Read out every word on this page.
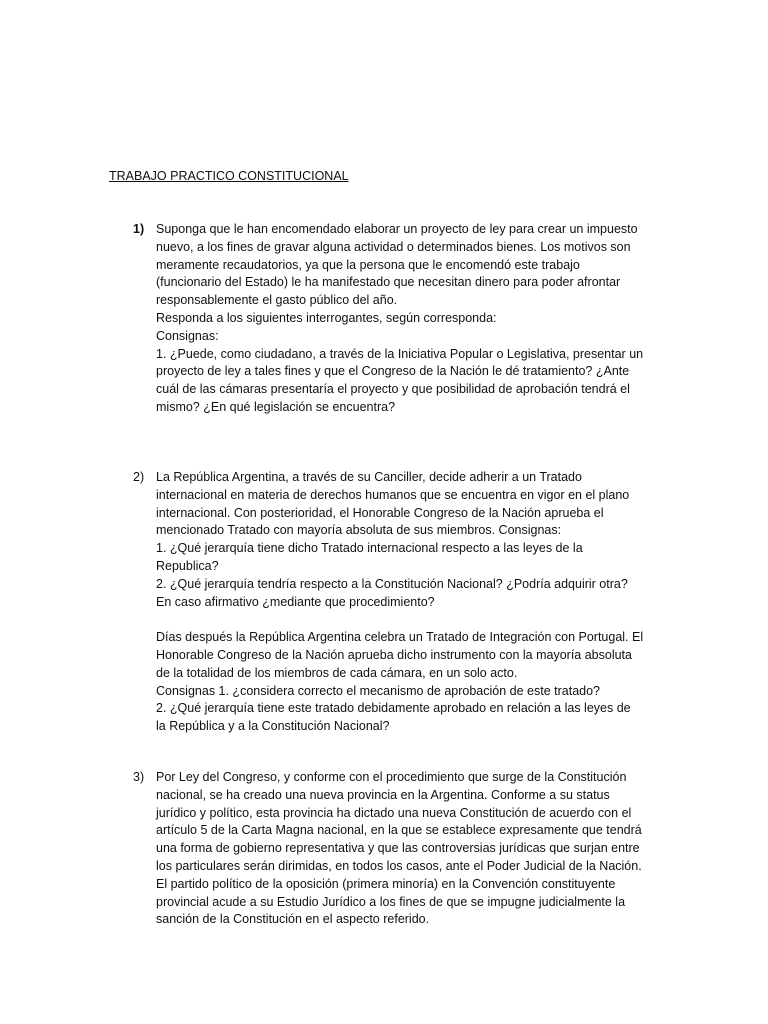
TRABAJO PRACTICO CONSTITUCIONAL
1) Suponga que le han encomendado elaborar un proyecto de ley para crear un impuesto
nuevo, a los fines de gravar alguna actividad o determinados bienes. Los motivos son
meramente recaudatorios, ya que la persona que le encomendó este trabajo
(funcionario del Estado) le ha manifestado que necesitan dinero para poder afrontar
responsablemente el gasto público del año.
Responda a los siguientes interrogantes, según corresponda:
Consignas:
1. ¿Puede, como ciudadano, a través de la Iniciativa Popular o Legislativa, presentar un
proyecto de ley a tales fines y que el Congreso de la Nación le dé tratamiento? ¿Ante
cuál de las cámaras presentaría el proyecto y que posibilidad de aprobación tendrá el
mismo? ¿En qué legislación se encuentra?
2) La República Argentina, a través de su Canciller, decide adherir a un Tratado
internacional en materia de derechos humanos que se encuentra en vigor en el plano
internacional. Con posterioridad, el Honorable Congreso de la Nación aprueba el
mencionado Tratado con mayoría absoluta de sus miembros. Consignas:
1. ¿Qué jerarquía tiene dicho Tratado internacional respecto a las leyes de la
Republica?
2. ¿Qué jerarquía tendría respecto a la Constitución Nacional? ¿Podría adquirir otra?
En caso afirmativo ¿mediante que procedimiento?
Días después la República Argentina celebra un Tratado de Integración con Portugal. El
Honorable Congreso de la Nación aprueba dicho instrumento con la mayoría absoluta
de la totalidad de los miembros de cada cámara, en un solo acto.
Consignas 1. ¿considera correcto el mecanismo de aprobación de este tratado?
2. ¿Qué jerarquía tiene este tratado debidamente aprobado en relación a las leyes de
la República y a la Constitución Nacional?
3) Por Ley del Congreso, y conforme con el procedimiento que surge de la Constitución
nacional, se ha creado una nueva provincia en la Argentina. Conforme a su status
jurídico y político, esta provincia ha dictado una nueva Constitución de acuerdo con el
artículo 5 de la Carta Magna nacional, en la que se establece expresamente que tendrá
una forma de gobierno representativa y que las controversias jurídicas que surjan entre
los particulares serán dirimidas, en todos los casos, ante el Poder Judicial de la Nación.
El partido político de la oposición (primera minoría) en la Convención constituyente
provincial acude a su Estudio Jurídico a los fines de que se impugne judicialmente la
sanción de la Constitución en el aspecto referido.
